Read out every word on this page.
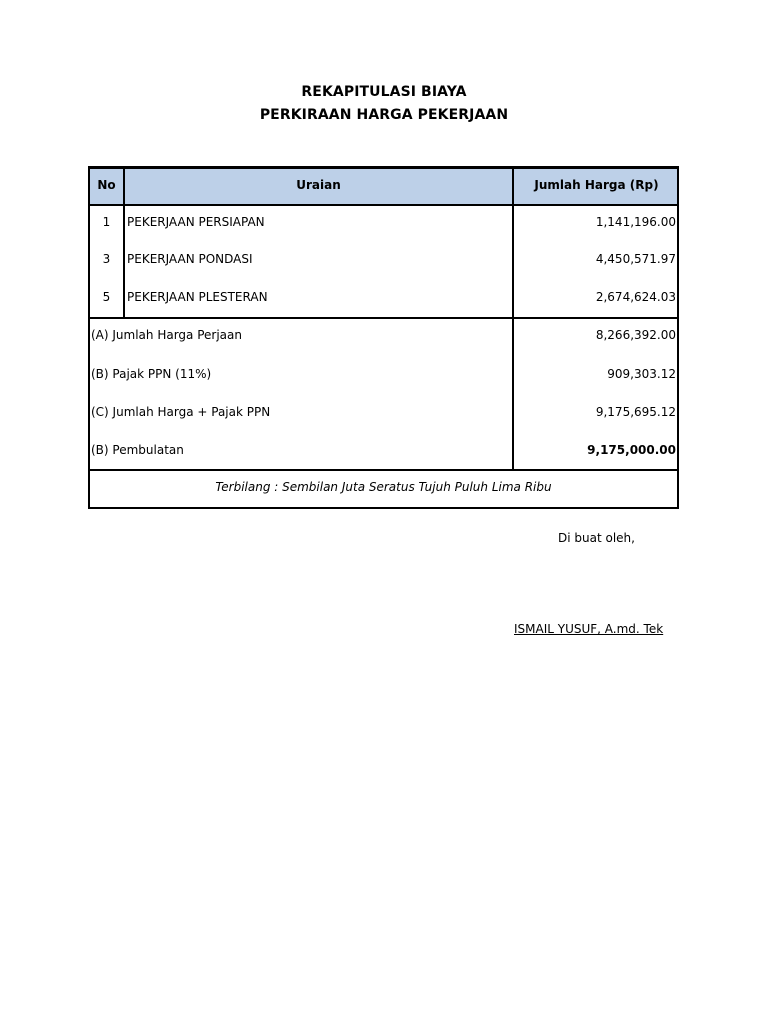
REKAPITULASI BIAYA
PERKIRAAN HARGA PEKERJAAN
No	Uraian	Jumlah Harga (Rp)
1	PEKERJAAN PERSIAPAN	1,141,196.00
3	PEKERJAAN PONDASI	4,450,571.97
5	PEKERJAAN PLESTERAN	2,674,624.03
(A) Jumlah Harga Perjaan	8,266,392.00
(B) Pajak PPN (11%)	909,303.12
(C) Jumlah Harga + Pajak PPN	9,175,695.12
(B) Pembulatan	9,175,000.00
Terbilang : Sembilan Juta Seratus Tujuh Puluh Lima Ribu
Di buat oleh,
ISMAIL YUSUF, A.md. Tek
